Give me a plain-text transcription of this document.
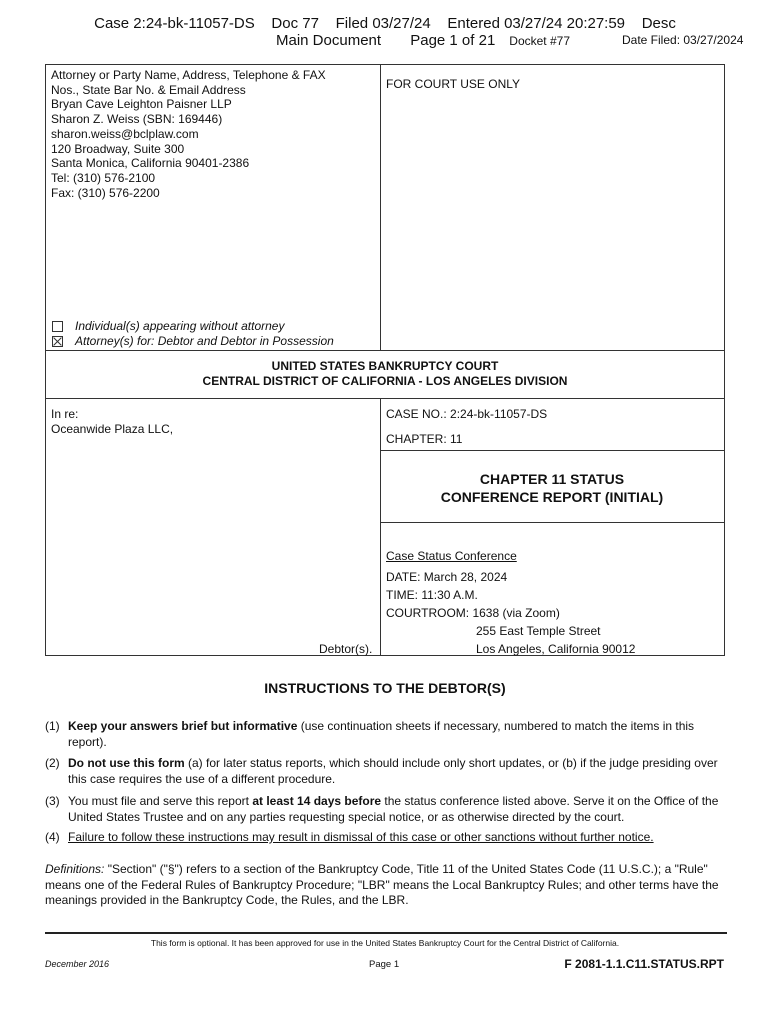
Case 2:24-bk-11057-DS    Doc 77    Filed 03/27/24    Entered 03/27/24 20:27:59    Desc
Main Document       Page 1 of 21 Docket #77	Date Filed: 03/27/2024
Attorney or Party Name, Address, Telephone & FAX
Nos., State Bar No. & Email Address
Bryan Cave Leighton Paisner LLP
Sharon Z. Weiss (SBN: 169446)
sharon.weiss@bclplaw.com
120 Broadway, Suite 300
Santa Monica, California 90401-2386
Tel: (310) 576-2100
Fax: (310) 576-2200
FOR COURT USE ONLY
Individual(s) appearing without attorney
Attorney(s) for: Debtor and Debtor in Possession
UNITED STATES BANKRUPTCY COURT
CENTRAL DISTRICT OF CALIFORNIA - LOS ANGELES DIVISION
In re:
Oceanwide Plaza LLC,
Debtor(s).
CASE NO.: 2:24-bk-11057-DS
CHAPTER: 11
CHAPTER 11 STATUS
CONFERENCE REPORT (INITIAL)
Case Status Conference
DATE: March 28, 2024
TIME: 11:30 A.M.
COURTROOM: 1638 (via Zoom)
255 East Temple Street
Los Angeles, California 90012
INSTRUCTIONS TO THE DEBTOR(S)
(1) Keep your answers brief but informative (use continuation sheets if necessary, numbered to match the items in this report).
(2) Do not use this form (a) for later status reports, which should include only short updates, or (b) if the judge presiding over this case requires the use of a different procedure.
(3) You must file and serve this report at least 14 days before the status conference listed above. Serve it on the Office of the United States Trustee and on any parties requesting special notice, or as otherwise directed by the court.
(4) Failure to follow these instructions may result in dismissal of this case or other sanctions without further notice.
Definitions: "Section" ("§") refers to a section of the Bankruptcy Code, Title 11 of the United States Code (11 U.S.C.); a "Rule" means one of the Federal Rules of Bankruptcy Procedure; "LBR" means the Local Bankruptcy Rules; and other terms have the meanings provided in the Bankruptcy Code, the Rules, and the LBR.
This form is optional. It has been approved for use in the United States Bankruptcy Court for the Central District of California.
December 2016	Page 1	F 2081-1.1.C11.STATUS.RPT
